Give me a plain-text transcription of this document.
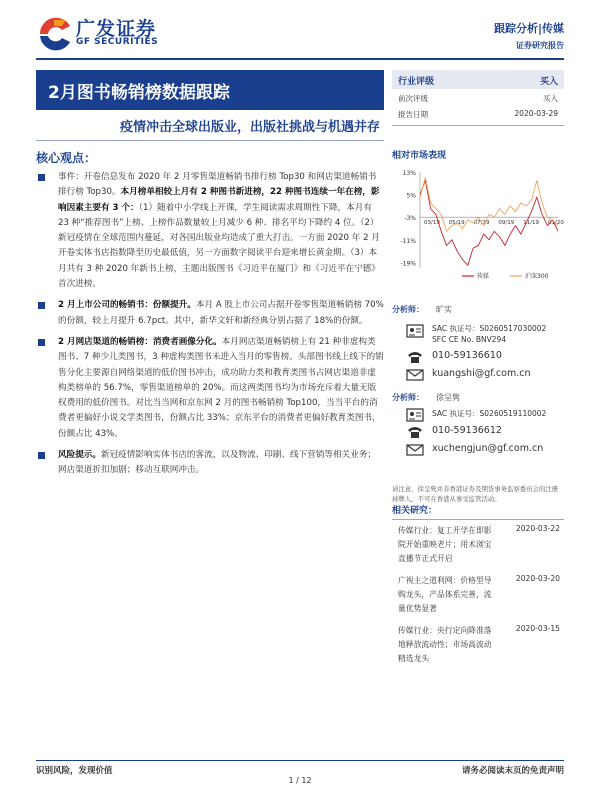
广发证券
GF SECURITIES
跟踪分析|传媒
证券研究报告
2月图书畅销榜数据跟踪
疫情冲击全球出版业，出版社挑战与机遇并存
核心观点：
事件：开卷信息发布 2020 年 2 月零售渠道畅销书排行榜 Top30 和网店渠道畅销书排行榜 Top30。本月榜单相较上月有 2 种图书新进榜，22 种图书连续一年在榜，影响因素主要有 3 个：（1）随着中小学线上开课，学生阅读需求周期性下降，本月有 23 种“推荐图书”上榜、上榜作品数量较上月减少 6 种、排名平均下降约 4 位。（2）新冠疫情在全球范围内蔓延，对各国出版业均造成了重大打击。一方面 2020 年 2 月开卷实体书店指数降至历史最低值，另一方面数字阅读平台迎来增长黄金期。（3）本月共有 3 种 2020 年新书上榜，主题出版图书《习近平在厦门》和《习近平在宁德》首次进榜。
2 月上市公司的畅销书：份额提升。本月 A 股上市公司占据开卷零售渠道畅销榜 70%的份额，较上月提升 6.7pct。其中，新华文轩和新经典分别占据了 18%的份额。
2 月网店渠道的畅销榜：消费者画像分化。本月网店渠道畅销榜上有 21 种非虚构类图书、7 种少儿类图书，3 种虚构类图书未进入当月的零售榜。头部图书线上线下的销售分化主要源自网络渠道的低价图书冲击，成功助力类和教育类图书占网店渠道非虚构类榜单的 56.7%，零售渠道榜单的 20%。而这两类图书均为市场充斥着大量无版权费用的低价图书。对比当当网和京东网 2 月的图书畅销榜 Top100，当当平台的消费者更偏好小说文学类图书，份额占比 33%；京东平台的消费者更偏好教育类图书，份额占比 43%。
风险提示。新冠疫情影响实体书店的客流，以及物流、印刷、线下营销等相关业务；网店渠道折扣加剧；移动互联网冲击。
行业评级	买入
前次评级	买入
报告日期	2020-03-29
相对市场表现
13%
5%
-3%
-11%
-19%
03/19 05/19 07/19 09/19 11/19 01/20
传媒	沪深300
分析师： 旷实
SAC 执证号：S0260517030002
SFC CE No. BNV294
010-59136610
kuangshi@gf.com.cn
分析师： 徐呈隽
SAC 执证号：S0260519110002
010-59136612
xuchengjun@gf.com.cn
请注意，徐呈隽并非香港证券及期货事务监察委员会的注册持牌人，不可在香港从事受监管活动。
相关研究：
传媒行业：复工开学在即影院开始重映老片；用术浏宝直播节正式开启
2020-03-22
广视主之道利网：价格型导购龙头，产品体系完善，流量优势显著
2020-03-20
传媒行业：央行定向降准落地释放流动性；市场高波动精选龙头
2020-03-15
识别风险，发现价值	请务必阅读末页的免责声明
1 / 12
